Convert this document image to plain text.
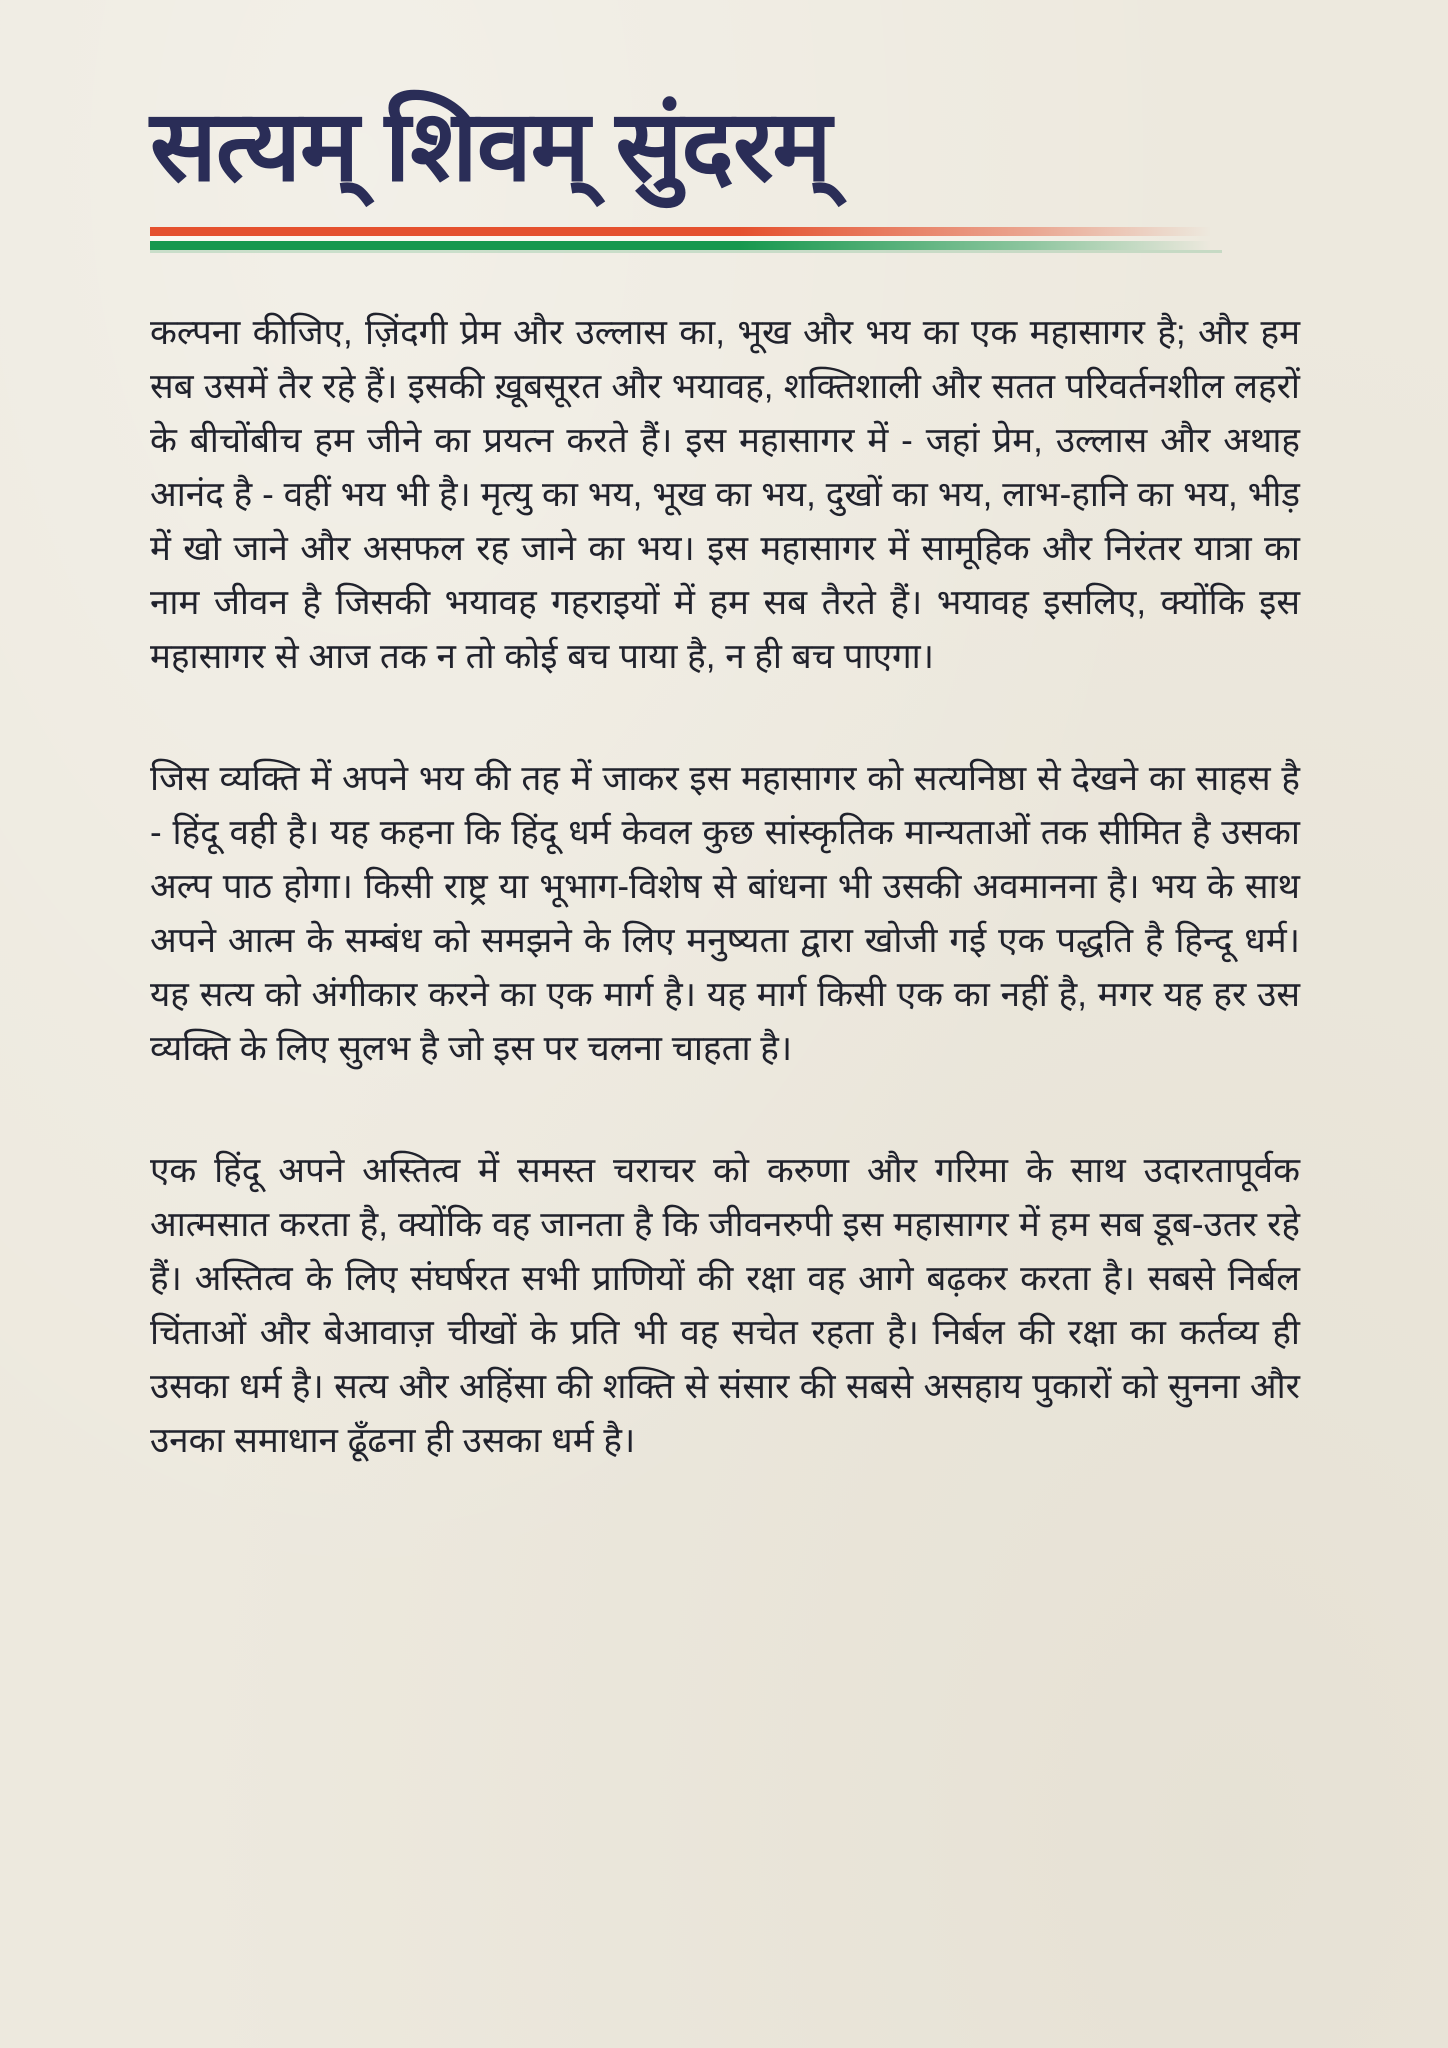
सत्यम् शिवम् सुंदरम्

कल्पना कीजिए, ज़िंदगी प्रेम और उल्लास का, भूख और भय का एक महासागर है; और हम सब उसमें तैर रहे हैं। इसकी ख़ूबसूरत और भयावह, शक्तिशाली और सतत परिवर्तनशील लहरों के बीचोंबीच हम जीने का प्रयत्न करते हैं। इस महासागर में - जहां प्रेम, उल्लास और अथाह आनंद है - वहीं भय भी है। मृत्यु का भय, भूख का भय, दुखों का भय, लाभ-हानि का भय, भीड़ में खो जाने और असफल रह जाने का भय। इस महासागर में सामूहिक और निरंतर यात्रा का नाम जीवन है जिसकी भयावह गहराइयों में हम सब तैरते हैं। भयावह इसलिए, क्योंकि इस महासागर से आज तक न तो कोई बच पाया है, न ही बच पाएगा।

जिस व्यक्ति में अपने भय की तह में जाकर इस महासागर को सत्यनिष्ठा से देखने का साहस है - हिंदू वही है। यह कहना कि हिंदू धर्म केवल कुछ सांस्कृतिक मान्यताओं तक सीमित है उसका अल्प पाठ होगा। किसी राष्ट्र या भूभाग-विशेष से बांधना भी उसकी अवमानना है। भय के साथ अपने आत्म के सम्बंध को समझने के लिए मनुष्यता द्वारा खोजी गई एक पद्धति है हिन्दू धर्म। यह सत्य को अंगीकार करने का एक मार्ग है। यह मार्ग किसी एक का नहीं है, मगर यह हर उस व्यक्ति के लिए सुलभ है जो इस पर चलना चाहता है।

एक हिंदू अपने अस्तित्व में समस्त चराचर को करुणा और गरिमा के साथ उदारतापूर्वक आत्मसात करता है, क्योंकि वह जानता है कि जीवनरुपी इस महासागर में हम सब डूब-उतर रहे हैं। अस्तित्व के लिए संघर्षरत सभी प्राणियों की रक्षा वह आगे बढ़कर करता है। सबसे निर्बल चिंताओं और बेआवाज़ चीखों के प्रति भी वह सचेत रहता है। निर्बल की रक्षा का कर्तव्य ही उसका धर्म है। सत्य और अहिंसा की शक्ति से संसार की सबसे असहाय पुकारों को सुनना और उनका समाधान ढूँढना ही उसका धर्म है।
